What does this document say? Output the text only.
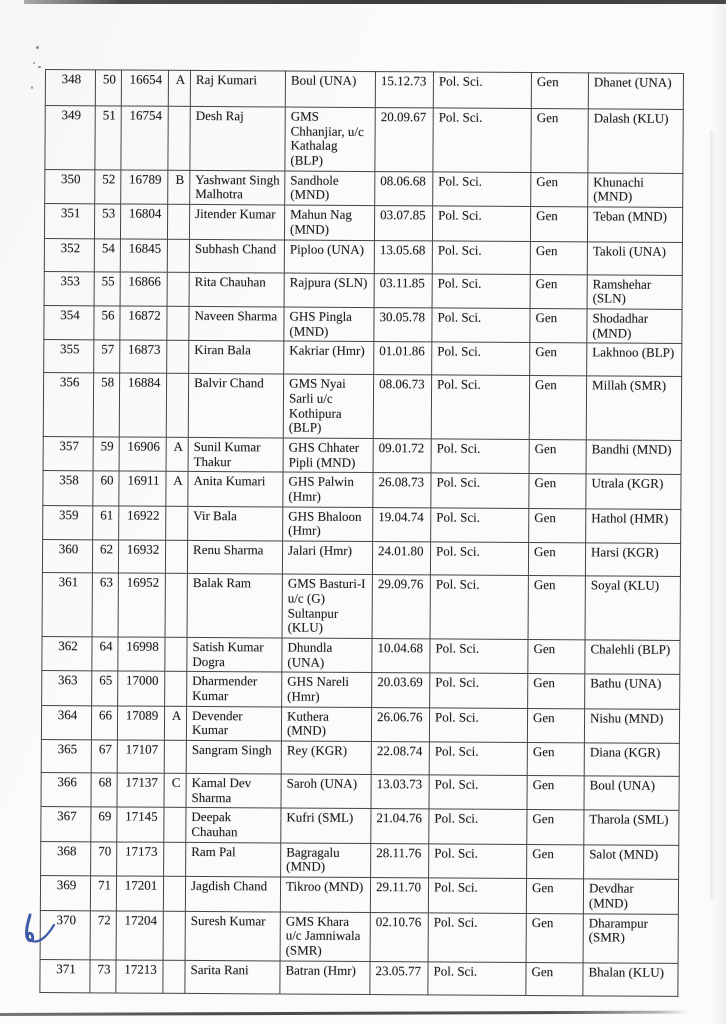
348	50	16654	A	Raj Kumari	Boul (UNA)	15.12.73	Pol. Sci.	Gen	Dhanet (UNA)
349	51	16754		Desh Raj	GMS Chhanjiar, u/c Kathalag (BLP)	20.09.67	Pol. Sci.	Gen	Dalash (KLU)
350	52	16789	B	Yashwant Singh Malhotra	Sandhole (MND)	08.06.68	Pol. Sci.	Gen	Khunachi (MND)
351	53	16804		Jitender Kumar	Mahun Nag (MND)	03.07.85	Pol. Sci.	Gen	Teban (MND)
352	54	16845		Subhash Chand	Piploo (UNA)	13.05.68	Pol. Sci.	Gen	Takoli (UNA)
353	55	16866		Rita Chauhan	Rajpura (SLN)	03.11.85	Pol. Sci.	Gen	Ramshehar (SLN)
354	56	16872		Naveen Sharma	GHS Pingla (MND)	30.05.78	Pol. Sci.	Gen	Shodadhar (MND)
355	57	16873		Kiran Bala	Kakriar (Hmr)	01.01.86	Pol. Sci.	Gen	Lakhnoo (BLP)
356	58	16884		Balvir Chand	GMS Nyai Sarli u/c Kothipura (BLP)	08.06.73	Pol. Sci.	Gen	Millah (SMR)
357	59	16906	A	Sunil Kumar Thakur	GHS Chhater Pipli (MND)	09.01.72	Pol. Sci.	Gen	Bandhi (MND)
358	60	16911	A	Anita Kumari	GHS Palwin (Hmr)	26.08.73	Pol. Sci.	Gen	Utrala (KGR)
359	61	16922		Vir Bala	GHS Bhaloon (Hmr)	19.04.74	Pol. Sci.	Gen	Hathol (HMR)
360	62	16932		Renu Sharma	Jalari (Hmr)	24.01.80	Pol. Sci.	Gen	Harsi (KGR)
361	63	16952		Balak Ram	GMS Basturi-I u/c (G) Sultanpur (KLU)	29.09.76	Pol. Sci.	Gen	Soyal (KLU)
362	64	16998		Satish Kumar Dogra	Dhundla (UNA)	10.04.68	Pol. Sci.	Gen	Chalehli (BLP)
363	65	17000		Dharmender Kumar	GHS Nareli (Hmr)	20.03.69	Pol. Sci.	Gen	Bathu (UNA)
364	66	17089	A	Devender Kumar	Kuthera (MND)	26.06.76	Pol. Sci.	Gen	Nishu (MND)
365	67	17107		Sangram Singh	Rey (KGR)	22.08.74	Pol. Sci.	Gen	Diana (KGR)
366	68	17137	C	Kamal Dev Sharma	Saroh (UNA)	13.03.73	Pol. Sci.	Gen	Boul (UNA)
367	69	17145		Deepak Chauhan	Kufri (SML)	21.04.76	Pol. Sci.	Gen	Tharola (SML)
368	70	17173		Ram Pal	Bagragalu (MND)	28.11.76	Pol. Sci.	Gen	Salot (MND)
369	71	17201		Jagdish Chand	Tikroo (MND)	29.11.70	Pol. Sci.	Gen	Devdhar (MND)
370	72	17204		Suresh Kumar	GMS Khara u/c Jamniwala (SMR)	02.10.76	Pol. Sci.	Gen	Dharampur (SMR)
371	73	17213		Sarita Rani	Batran (Hmr)	23.05.77	Pol. Sci.	Gen	Bhalan (KLU)
